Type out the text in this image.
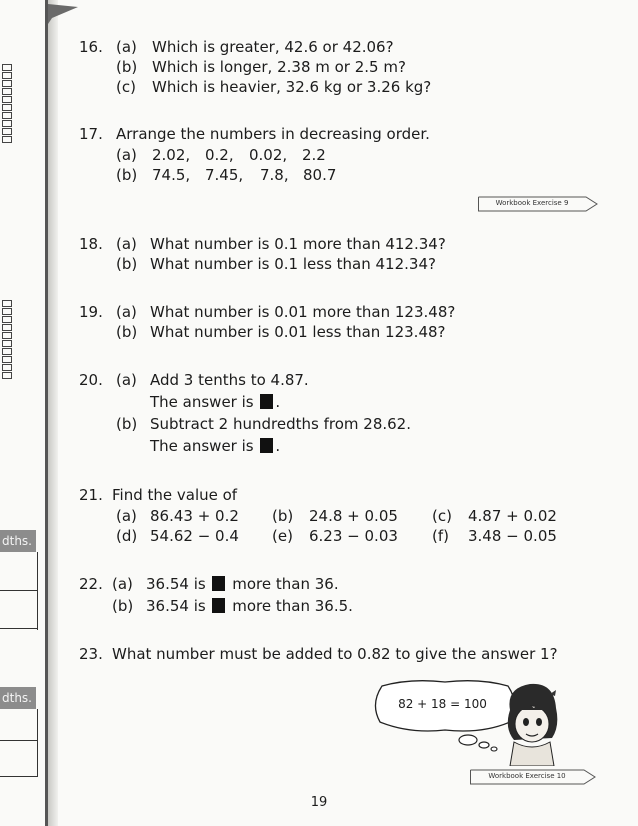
dths.
dths.
16. (a) Which is greater, 42.6 or 42.06?
(b) Which is longer, 2.38 m or 2.5 m?
(c) Which is heavier, 32.6 kg or 3.26 kg?
17. Arrange the numbers in decreasing order.
(a) 2.02, 0.2, 0.02, 2.2
(b) 74.5, 7.45, 7.8, 80.7
Workbook Exercise 9
18. (a) What number is 0.1 more than 412.34?
(b) What number is 0.1 less than 412.34?
19. (a) What number is 0.01 more than 123.48?
(b) What number is 0.01 less than 123.48?
20. (a) Add 3 tenths to 4.87.
The answer is .
(b) Subtract 2 hundredths from 28.62.
The answer is .
21. Find the value of
(a) 86.43 + 0.2 (b) 24.8 + 0.05 (c) 4.87 + 0.02
(d) 54.62 − 0.4 (e) 6.23 − 0.03 (f) 3.48 − 0.05
22. (a) 36.54 is more than 36.
(b) 36.54 is more than 36.5.
23. What number must be added to 0.82 to give the answer 1?
82 + 18 = 100
Workbook Exercise 10
19
